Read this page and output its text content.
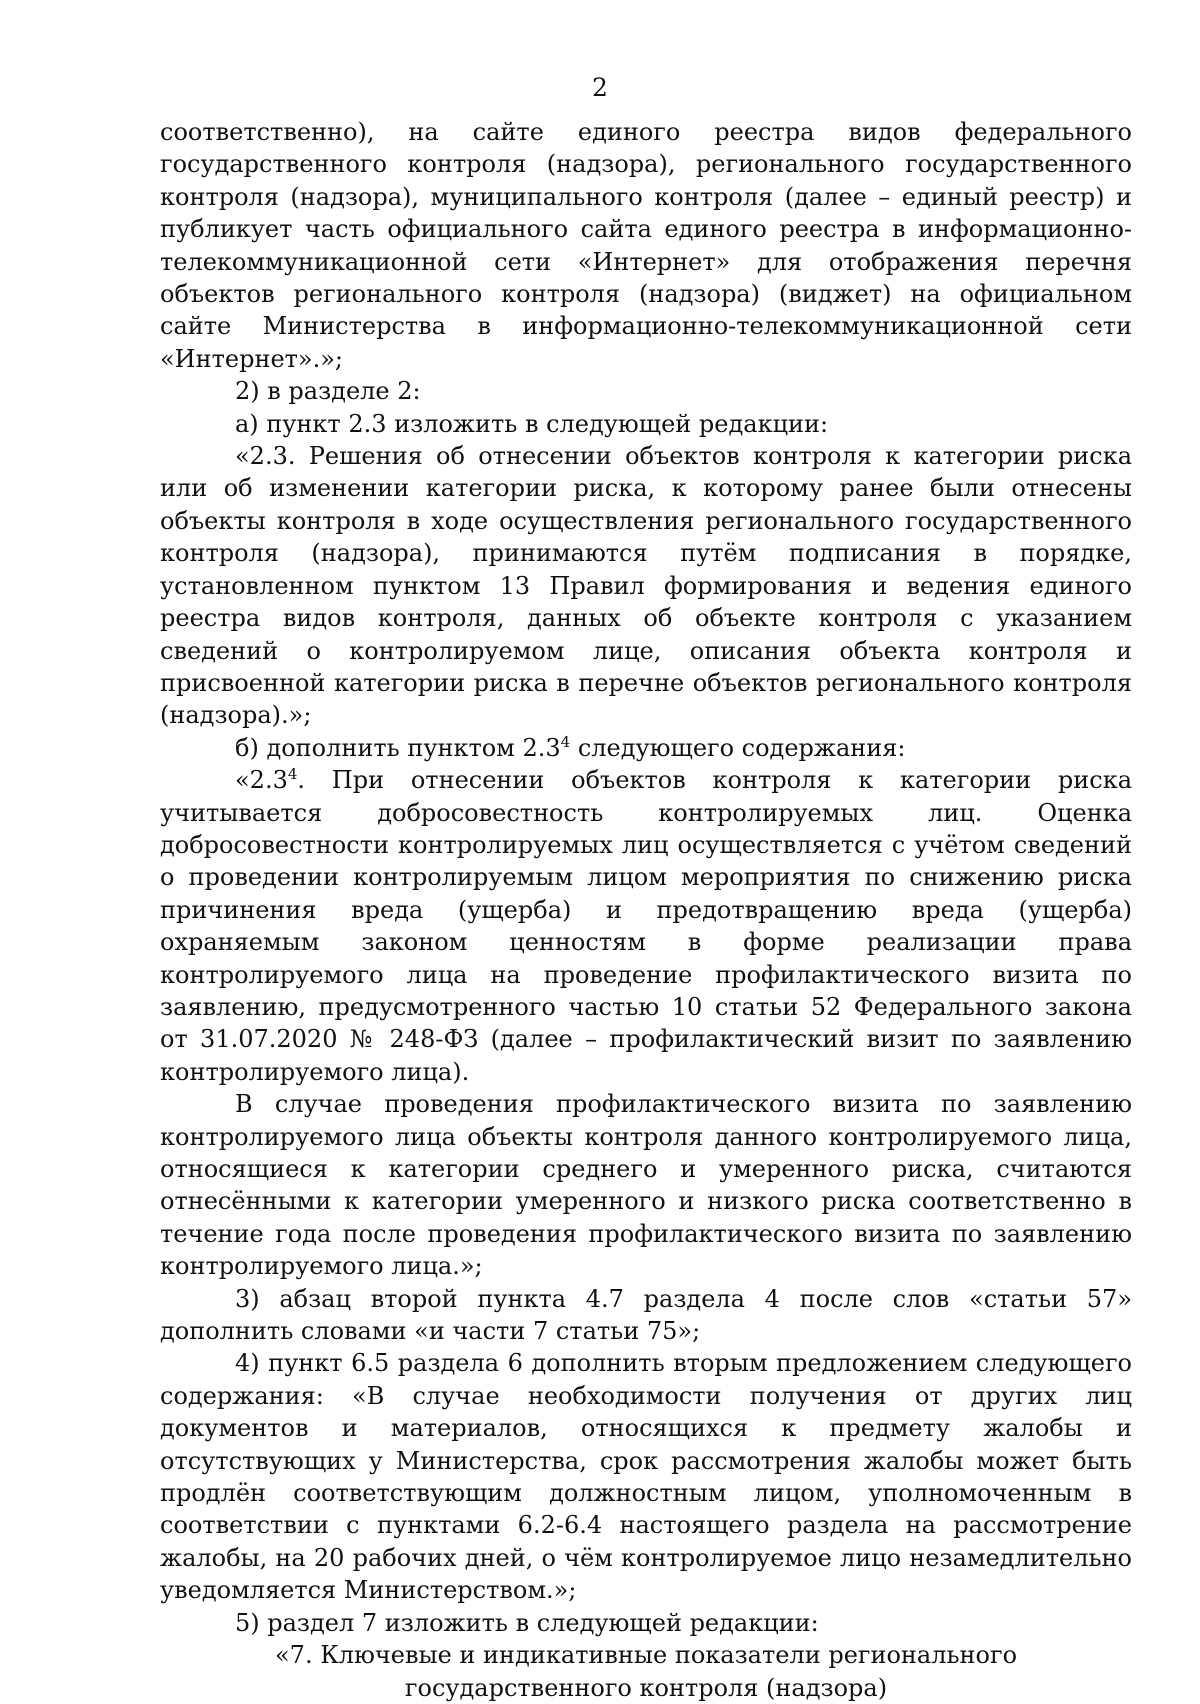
2

соответственно), на сайте единого реестра видов федерального государственного контроля (надзора), регионального государственного контроля (надзора), муниципального контроля (далее – единый реестр) и публикует часть официального сайта единого реестра в информационно-телекоммуникационной сети «Интернет» для отображения перечня объектов регионального контроля (надзора) (виджет) на официальном сайте Министерства в информационно-телекоммуникационной сети «Интернет».»;

2) в разделе 2:

а) пункт 2.3 изложить в следующей редакции:

«2.3. Решения об отнесении объектов контроля к категории риска или об изменении категории риска, к которому ранее были отнесены объекты контроля в ходе осуществления регионального государственного контроля (надзора), принимаются путём подписания в порядке, установленном пунктом 13 Правил формирования и ведения единого реестра видов контроля, данных об объекте контроля с указанием сведений о контролируемом лице, описания объекта контроля и присвоенной категории риска в перечне объектов регионального контроля (надзора).»;

б) дополнить пунктом $2.3^4$ следующего содержания:

«$2.3^4$. При отнесении объектов контроля к категории риска учитывается добросовестность контролируемых лиц. Оценка добросовестности контролируемых лиц осуществляется с учётом сведений о проведении контролируемым лицом мероприятия по снижению риска причинения вреда (ущерба) и предотвращению вреда (ущерба) охраняемым законом ценностям в форме реализации права контролируемого лица на проведение профилактического визита по заявлению, предусмотренного частью 10 статьи 52 Федерального закона от 31.07.2020 № 248-ФЗ (далее – профилактический визит по заявлению контролируемого лица).

В случае проведения профилактического визита по заявлению контролируемого лица объекты контроля данного контролируемого лица, относящиеся к категории среднего и умеренного риска, считаются отнесёнными к категории умеренного и низкого риска соответственно в течение года после проведения профилактического визита по заявлению контролируемого лица.»;

3) абзац второй пункта 4.7 раздела 4 после слов «статьи 57» дополнить словами «и части 7 статьи 75»;

4) пункт 6.5 раздела 6 дополнить вторым предложением следующего содержания: «В случае необходимости получения от других лиц документов и материалов, относящихся к предмету жалобы и отсутствующих у Министерства, срок рассмотрения жалобы может быть продлён соответствующим должностным лицом, уполномоченным в соответствии с пунктами 6.2-6.4 настоящего раздела на рассмотрение жалобы, на 20 рабочих дней, о чём контролируемое лицо незамедлительно уведомляется Министерством.»;

5) раздел 7 изложить в следующей редакции:

«7. Ключевые и индикативные показатели регионального

государственного контроля (надзора)
